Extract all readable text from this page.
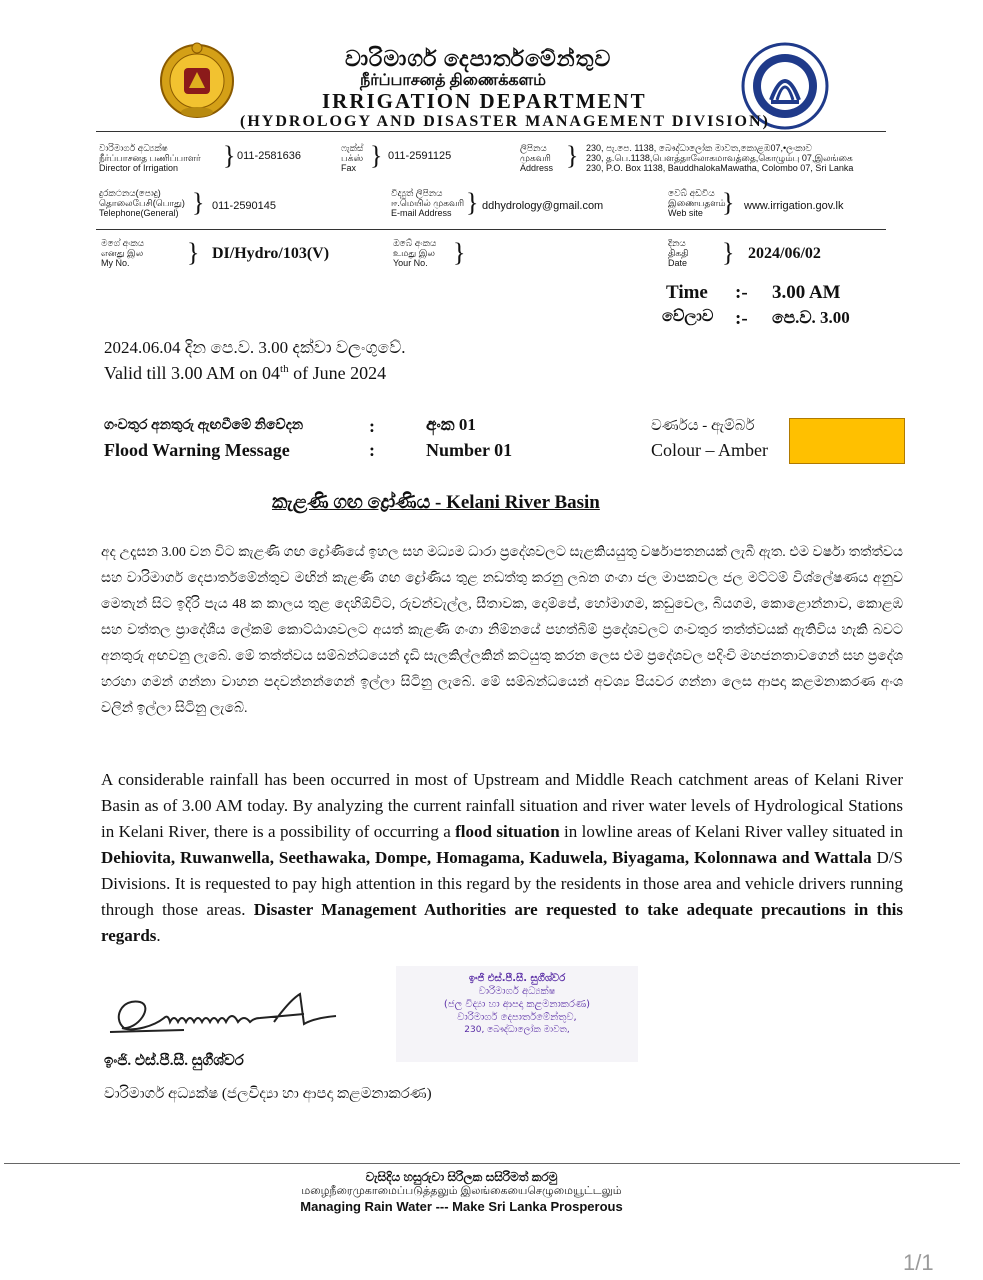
වාරිමාර්ග දෙපාර්තමේන්තුව
நீர்ப்பாசனத் திணைக்களம்
IRRIGATION DEPARTMENT
(HYDROLOGY AND DISASTER MANAGEMENT DIVISION)
වාරිමාර්ග අධ්‍යක්ෂ
நீர்ப்பாசனத பணிப்பாளர்
Director of Irrigation	} 011-2581636
ෆැක්ස්
பக்ஸ்
Fax } 011-2591125
ලිපිනය
முகவரி
Address } 230, පැ.පෙ. 1138, බෞද්ධාලෝක මාවත,කොළඹ07,•ලංකාව
230, த.பெ.1138,பௌத்தாலோகமாவத்தை,கொழும்பு 07,இலங்கை
230, P.O. Box 1138, BauddhalokaMawatha, Colombo 07, Sri Lanka
දුරකථනය(පොදු)
தொலைபேசி(பொது)
Telephone(General) } 011-2590145
විද්‍යුත් ලිපිනය
ஈ.மெயில் முகவரி
E-mail Address } ddhydrology@gmail.com
වෙබ් අඩවිය
இணையதளம்
Web site } www.irrigation.gov.lk
මගේ අංකය
எனது இல
My No.	} DI/Hydro/103(V)
ඔබේ අංකය
உமது இல
Your No. }	දිනය
திகதி
Date	} 2024/06/02
Time :- 3.00 AM
වේලාව :- පෙ.ව. 3.00
2024.06.04 දින පෙ.ව. 3.00 දක්වා වලංගුවේ.
Valid till 3.00 AM on 04th of June 2024
ගංවතුර අනතුරු ඇඟවීමේ නිවේදන	:	අංක 01	වර්ණය - ඇම්බර්
Flood Warning Message	:	Number 01	Colour – Amber
කැළණි ගඟ ද්‍රෝණිය - Kelani River Basin
අද උදෑසන 3.00 වන විට කැළණි ගඟ ද්‍රෝණියේ ඉහල සහ මධ්‍යම ධාරා ප්‍රදේශවලට සැළකියයුතු වර්ෂාපතනයක් ලැබී ඇත. එම වර්ෂා තත්ත්වය සහ වාරිමාර්ග දෙපාර්තමේන්තුව මඟින් කැළණි ගඟ ද්‍රෝණිය තුළ නඩත්තු කරනු ලබන ගංගා ජල මාපකවල ජල මට්ටම් විශ්ලේෂණය අනුව මෙතැන් සිට ඉදිරි පැය 48 ක කාලය තුළ දෙහිඕවිට, රුවන්වැල්ල, සීතාවක, දොම්පේ, හෝමාගම, කඩුවෙල, බියගම, කොළොන්නාව, කොළඹ සහ වත්තල ප්‍රාදේශීය ලේකම් කොට්ඨාශවලට අයත් කැළණි ගංගා නිම්නයේ පහත්බිම් ප්‍රදේශවලට ගංවතුර තත්ත්වයක් ඇතිවිය හැකි බවට අනතුරු අඟවනු ලැබේ. මේ තත්ත්වය සම්බන්ධයෙන් දැඩි සැලකිල්ලකින් කටයුතු කරන ලෙස එම ප්‍රදේශවල පදිංචි මහජනතාවගෙන් සහ ප්‍රදේශ හරහා ගමන් ගන්නා වාහන පදවන්නන්ගෙන් ඉල්ලා සිටිනු ලැබේ. මේ සම්බන්ධයෙන් අවශ්‍ය පියවර ගන්නා ලෙස ආපදා කළමනාකරණ අංශ වලින් ඉල්ලා සිටිනු ලැබේ.
A considerable rainfall has been occurred in most of Upstream and Middle Reach catchment areas of Kelani River Basin as of 3.00 AM today. By analyzing the current rainfall situation and river water levels of Hydrological Stations in Kelani River, there is a possibility of occurring a flood situation in lowline areas of Kelani River valley situated in Dehiovita, Ruwanwella, Seethawaka, Dompe, Homagama, Kaduwela, Biyagama, Kolonnawa and Wattala D/S Divisions. It is requested to pay high attention in this regard by the residents in those area and vehicle drivers running through those areas. Disaster Management Authorities are requested to take adequate precautions in this regards.
ඉංජි එස්.පී.සී. සුගීශ්වර
වාරිමාර්ග අධ්‍යක්ෂ
(ජල විද්‍යා හා ආපදා කළමනාකරණ)
වාරිමාර්ග දෙපාර්තමේන්තුව,
230, බෞද්ධාලෝක මාවත,
ඉංජි. එස්.පී.සී. සුගීශ්වර
වාරිමාර්ග අධ්‍යක්ෂ (ජලවිද්‍යා හා ආපදා කළමනාකරණ)
වැසිදිය හසුරුවා සිරිලක සසිරිමත් කරමු
மழைநீரைமுகாமைப்படுத்தலும் இலங்கையைசெழுமையூட்டலும்
Managing Rain Water --- Make Sri Lanka Prosperous
1/1
